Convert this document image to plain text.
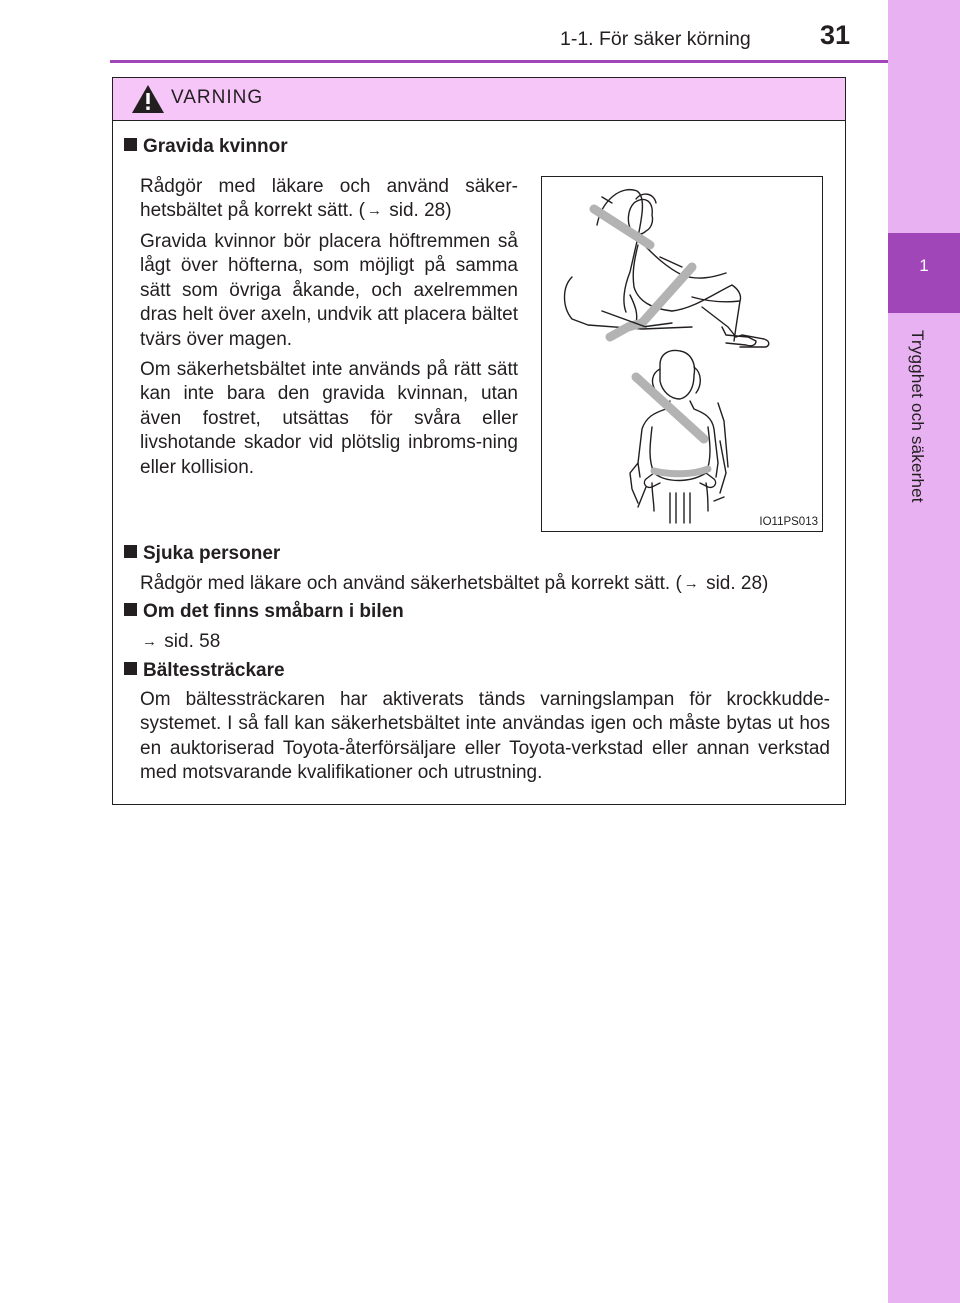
1
Trygghet och säkerhet
1-1. För säker körning	31
VARNING
Gravida kvinnor

Rådgör med läkare och använd säker-hetsbältet på korrekt sätt. ( → sid. 28)

Gravida kvinnor bör placera höftremmen så lågt över höfterna, som möjligt på samma sätt som övriga åkande, och axelremmen dras helt över axeln, undvik att placera bältet tvärs över magen.

Om säkerhetsbältet inte används på rätt sätt kan inte bara den gravida kvinnan, utan även fostret, utsättas för svåra eller livshotande skador vid plötslig inbroms-ning eller kollision.

IO11PS013
Sjuka personer

Rådgör med läkare och använd säkerhetsbältet på korrekt sätt. ( → sid. 28)

Om det finns småbarn i bilen

→ sid. 58

Bältessträckare

Om bältessträckaren har aktiverats tänds varningslampan för krockkudde-systemet. I så fall kan säkerhetsbältet inte användas igen och måste bytas ut hos en auktoriserad Toyota-återförsäljare eller Toyota-verkstad eller annan verkstad med motsvarande kvalifikationer och utrustning.
